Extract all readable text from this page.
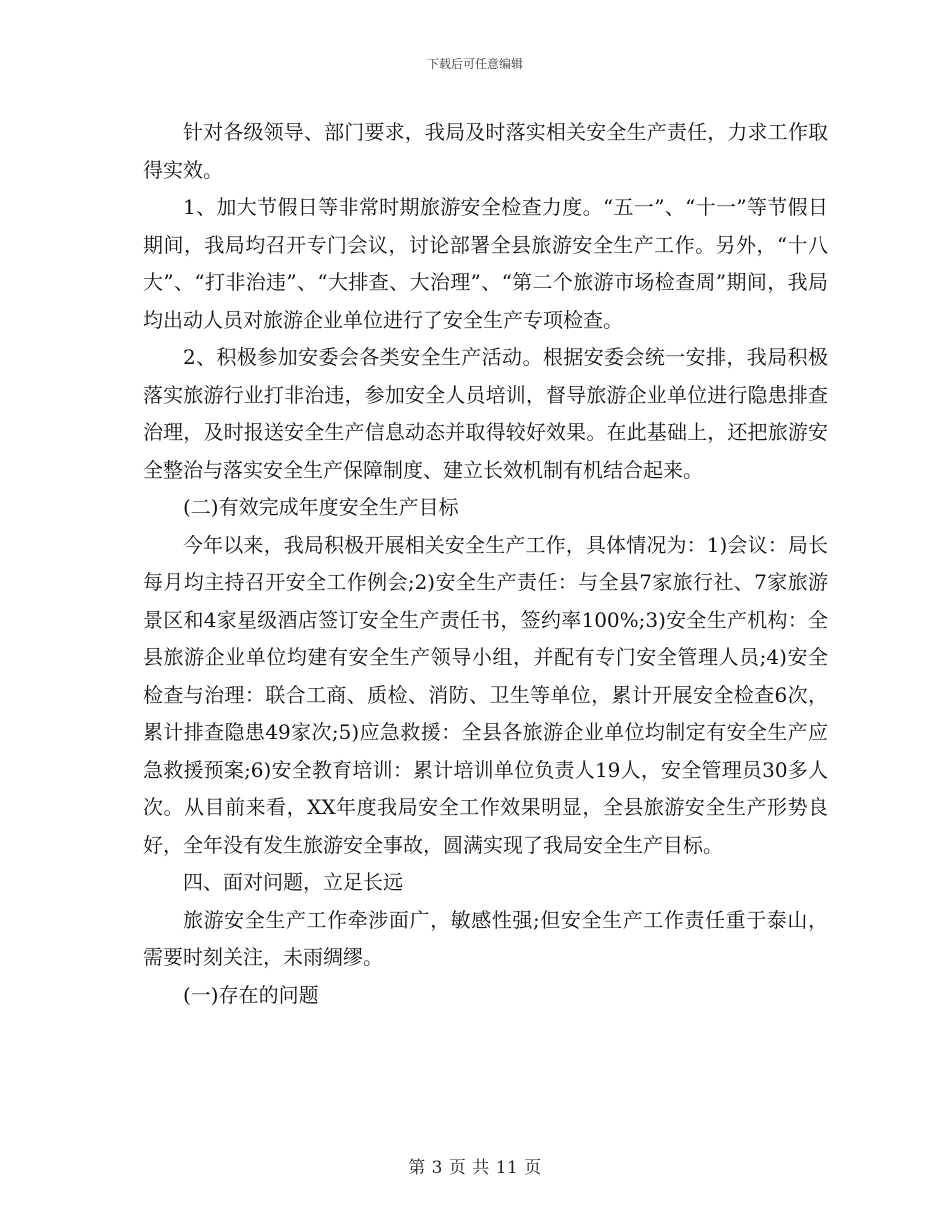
下载后可任意编辑

针对各级领导、部门要求，我局及时落实相关安全生产责任，力求工作取得实效。

1、加大节假日等非常时期旅游安全检查力度。“五一”、“十一”等节假日期间，我局均召开专门会议，讨论部署全县旅游安全生产工作。另外，“十八大”、“打非治违”、“大排查、大治理”、“第二个旅游市场检查周”期间，我局均出动人员对旅游企业单位进行了安全生产专项检查。

2、积极参加安委会各类安全生产活动。根据安委会统一安排，我局积极落实旅游行业打非治违，参加安全人员培训，督导旅游企业单位进行隐患排查治理，及时报送安全生产信息动态并取得较好效果。在此基础上，还把旅游安全整治与落实安全生产保障制度、建立长效机制有机结合起来。

(二)有效完成年度安全生产目标

今年以来，我局积极开展相关安全生产工作，具体情况为：1)会议：局长每月均主持召开安全工作例会;2)安全生产责任：与全县7家旅行社、7家旅游景区和4家星级酒店签订安全生产责任书，签约率100%;3)安全生产机构：全县旅游企业单位均建有安全生产领导小组，并配有专门安全管理人员;4)安全检查与治理：联合工商、质检、消防、卫生等单位，累计开展安全检查6次，累计排查隐患49家次;5)应急救援：全县各旅游企业单位均制定有安全生产应急救援预案;6)安全教育培训：累计培训单位负责人19人，安全管理员30多人次。从目前来看，XX年度我局安全工作效果明显，全县旅游安全生产形势良好，全年没有发生旅游安全事故，圆满实现了我局安全生产目标。

四、面对问题，立足长远

旅游安全生产工作牵涉面广，敏感性强;但安全生产工作责任重于泰山，需要时刻关注，未雨绸缪。

(一)存在的问题

第 3 页 共 11 页
